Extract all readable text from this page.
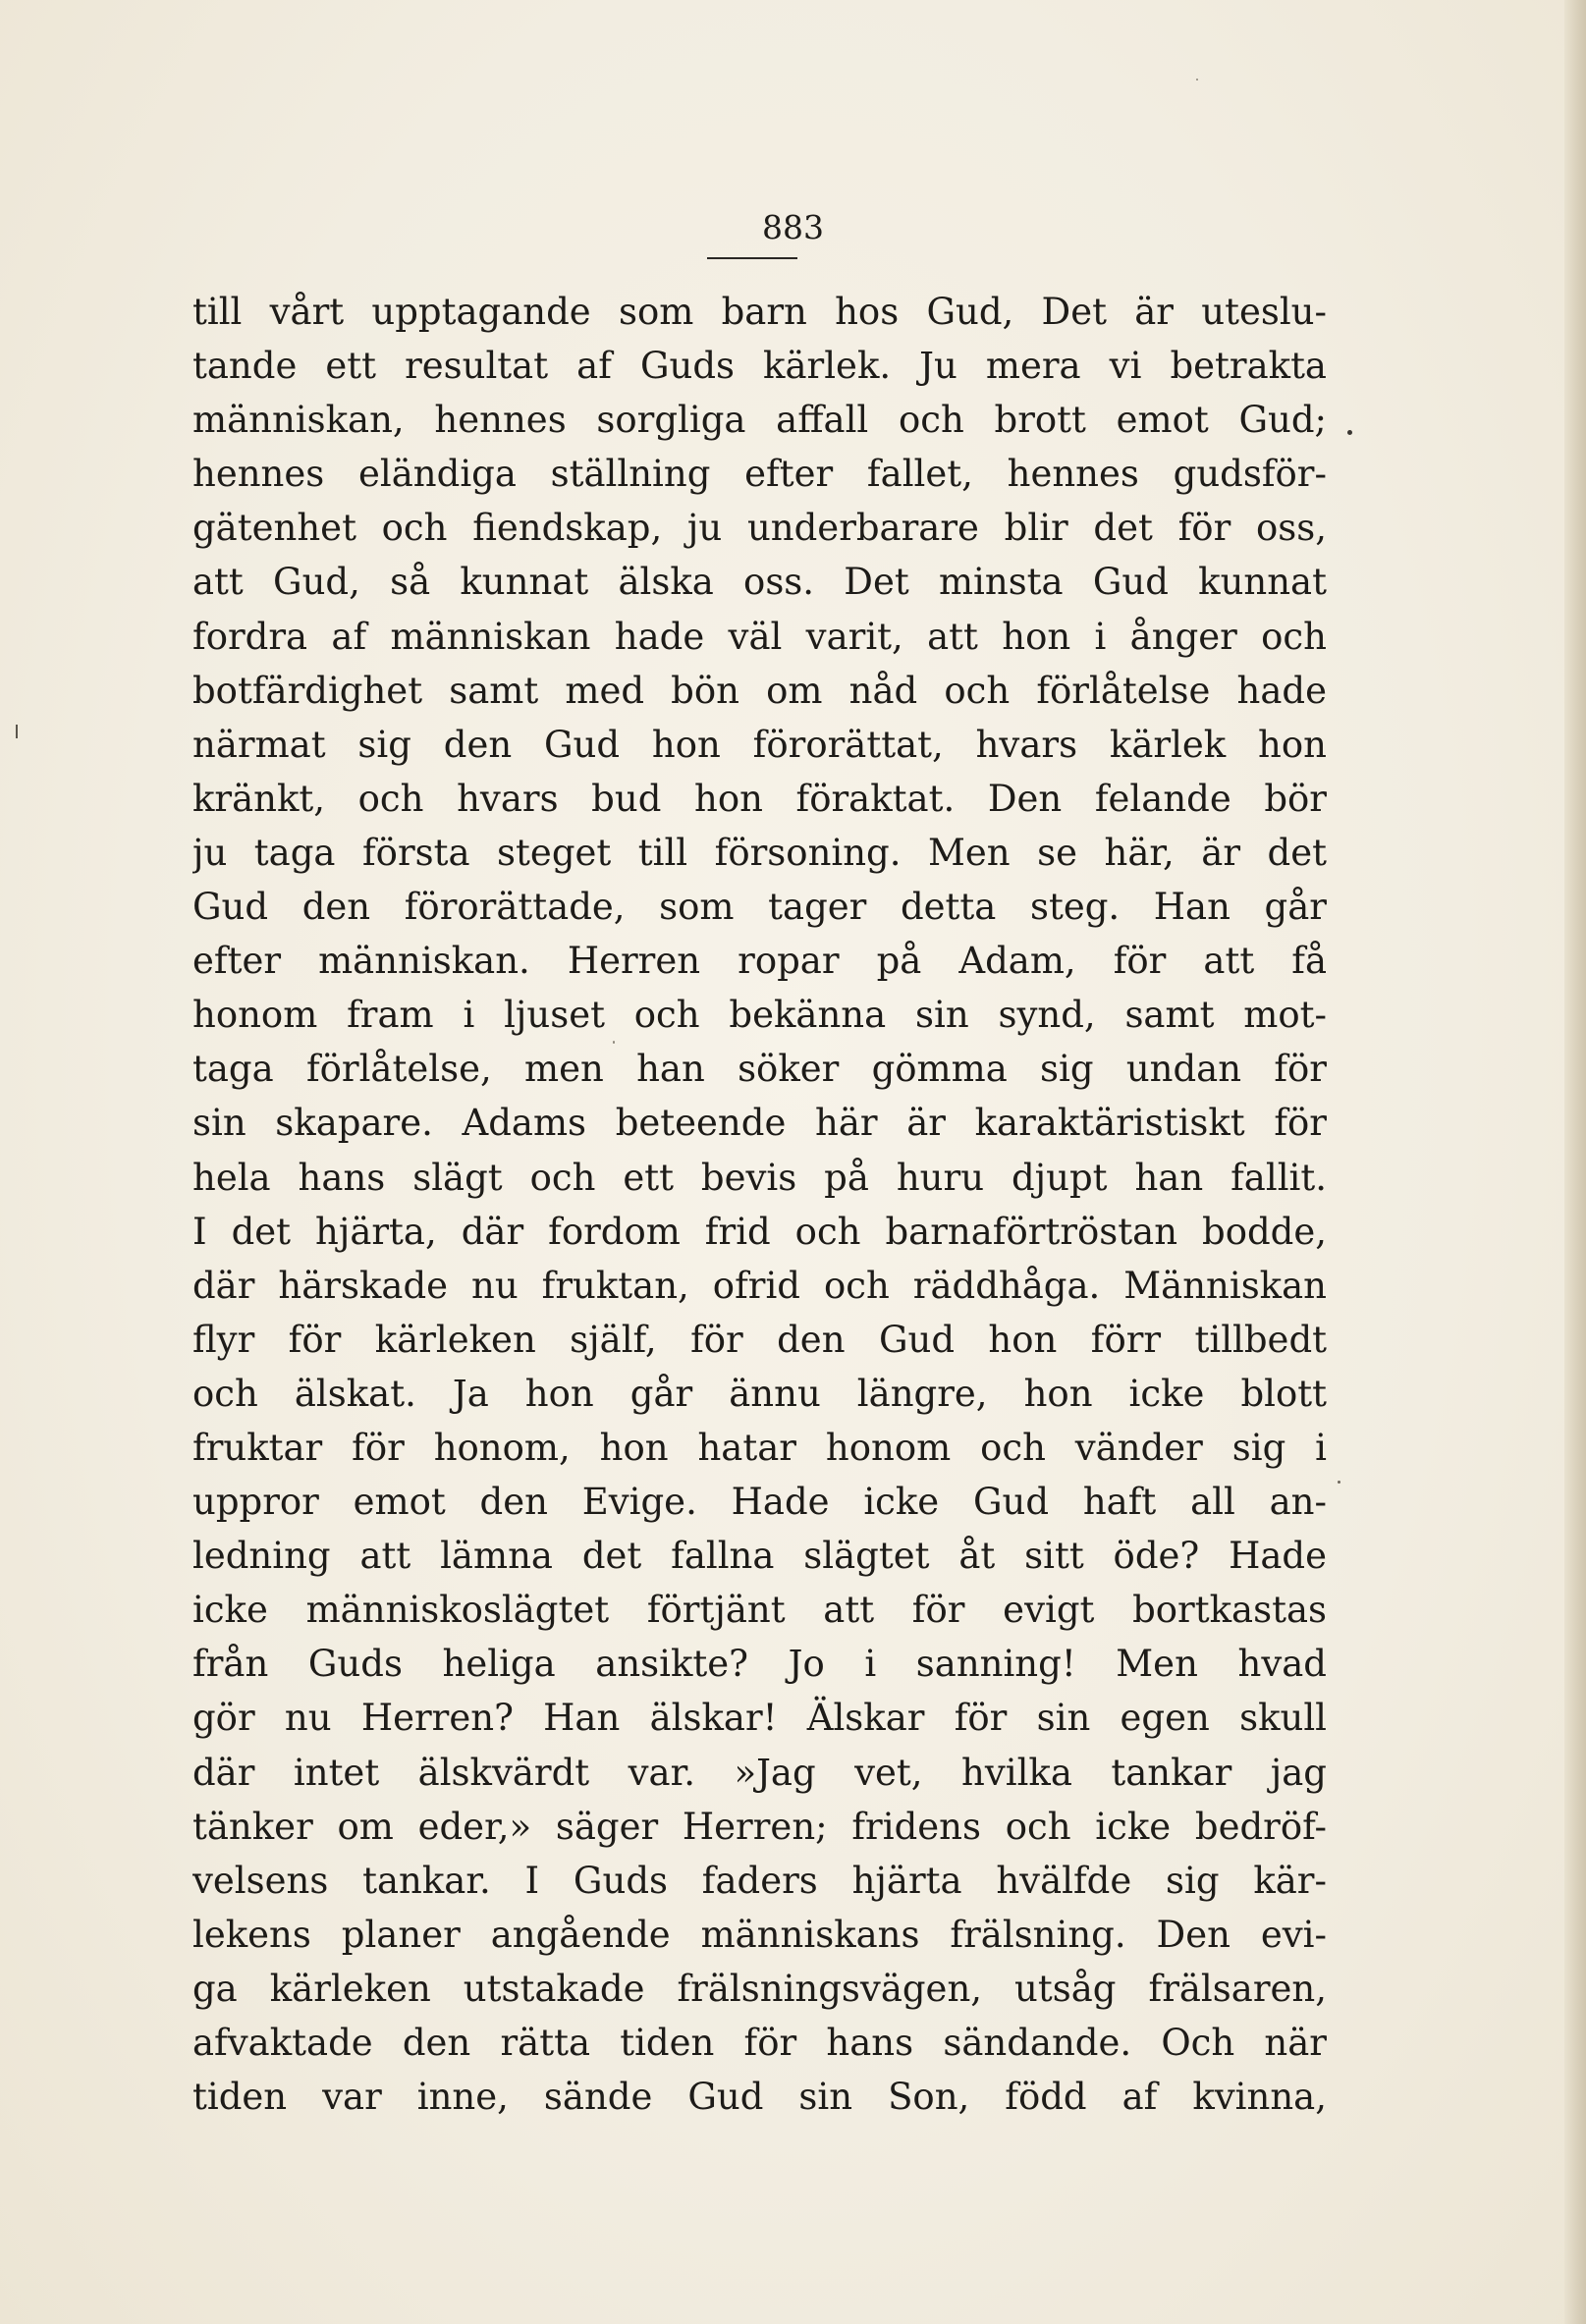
883
till vårt upptagande som barn hos Gud, Det är uteslu-
tande ett resultat af Guds kärlek. Ju mera vi betrakta
människan, hennes sorgliga affall och brott emot Gud;
hennes eländiga ställning efter fallet, hennes gudsför-
gätenhet och fiendskap, ju underbarare blir det för oss,
att Gud, så kunnat älska oss. Det minsta Gud kunnat
fordra af människan hade väl varit, att hon i ånger och
botfärdighet samt med bön om nåd och förlåtelse hade
närmat sig den Gud hon förorättat, hvars kärlek hon
kränkt, och hvars bud hon föraktat. Den felande bör
ju taga första steget till försoning. Men se här, är det
Gud den förorättade, som tager detta steg. Han går
efter människan. Herren ropar på Adam, för att få
honom fram i ljuset och bekänna sin synd, samt mot-
taga förlåtelse, men han söker gömma sig undan för
sin skapare. Adams beteende här är karaktäristiskt för
hela hans slägt och ett bevis på huru djupt han fallit.
I det hjärta, där fordom frid och barnaförtröstan bodde,
där härskade nu fruktan, ofrid och räddhåga. Människan
flyr för kärleken själf, för den Gud hon förr tillbedt
och älskat. Ja hon går ännu längre, hon icke blott
fruktar för honom, hon hatar honom och vänder sig i
uppror emot den Evige. Hade icke Gud haft all an-
ledning att lämna det fallna slägtet åt sitt öde? Hade
icke människoslägtet förtjänt att för evigt bortkastas
från Guds heliga ansikte? Jo i sanning! Men hvad
gör nu Herren? Han älskar! Älskar för sin egen skull
där intet älskvärdt var. »Jag vet, hvilka tankar jag
tänker om eder,» säger Herren; fridens och icke bedröf-
velsens tankar. I Guds faders hjärta hvälfde sig kär-
lekens planer angående människans frälsning. Den evi-
ga kärleken utstakade frälsningsvägen, utsåg frälsaren,
afvaktade den rätta tiden för hans sändande. Och när
tiden var inne, sände Gud sin Son, född af kvinna,
